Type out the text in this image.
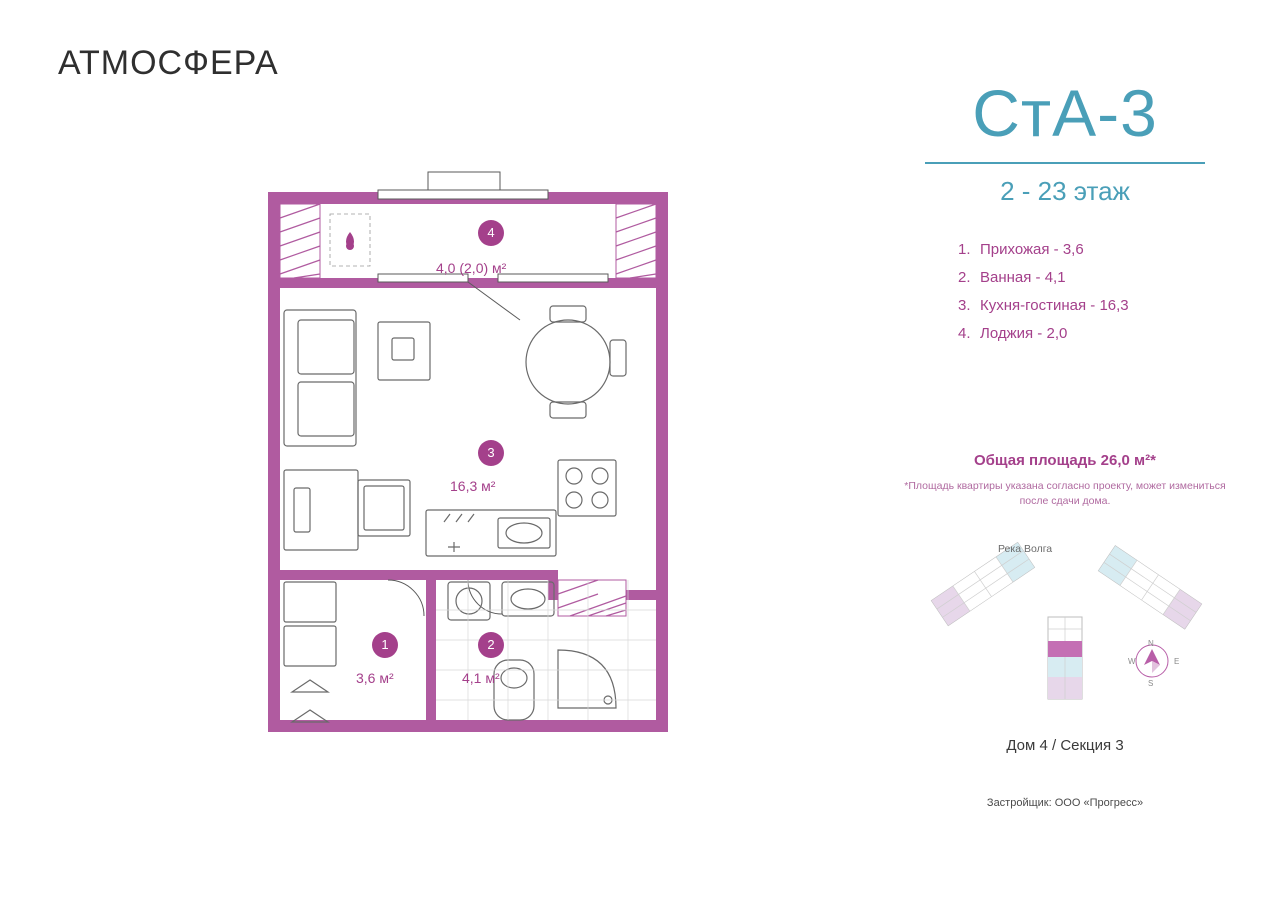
АТМОСФЕРА
4
4,0 (2,0) м²
3
16,3 м²
1
3,6 м²
2
4,1 м²
СтА-3
2 - 23 этаж
1. Прихожая - 3,6
2. Ванная - 4,1
3. Кухня-гостиная - 16,3
4. Лоджия - 2,0
Общая площадь 26,0 м²*
*Площадь квартиры указана согласно проекту, может измениться после сдачи дома.
Река Волга
N
E
S
W
Дом 4 / Секция 3
Застройщик: ООО «Прогресс»
